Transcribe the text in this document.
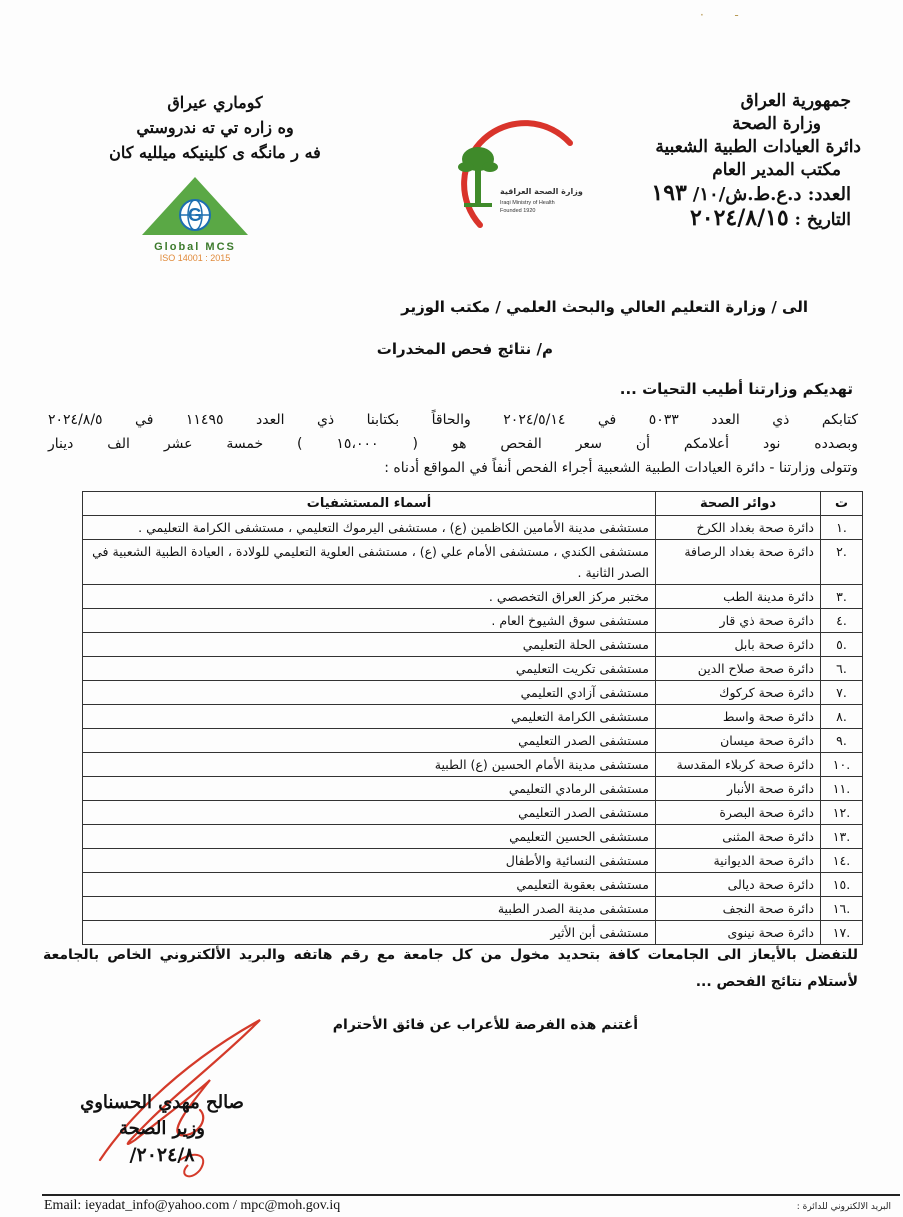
·        ‐
جمهورية العراق
وزارة الصحة
دائرة العيادات الطبية الشعبية
مكتب المدير العام
العدد: د.ع.ط.ش/١٠/ ١٩٣
التاريخ : ٢٠٢٤/٨/١٥
كوماري عيراق
وه زاره تي ته ندروستي
فه ر مانگه ى كلينيكه ميلليه كان
وزارة الصحة العراقية
Iraqi Ministry of Health
Founded 1920
G
Global MCS
ISO 14001 : 2015
الى / وزارة التعليم العالي والبحث العلمي / مكتب الوزير
م/ نتائج فحص المخدرات
تهديكم وزارتنا أطيب التحيات ...
كتابكم ذي العدد ٥٠٣٣ في ٢٠٢٤/٥/١٤ والحاقاً بكتابنا ذي العدد ١١٤٩٥ في ٢٠٢٤/٨/٥
وبصدده نود أعلامكم أن سعر الفحص هو ( ١٥،٠٠٠ ) خمسة عشر الف دينار
وتتولى وزارتنا - دائرة العيادات الطبية الشعبية أجراء الفحص أنفاً في المواقع أدناه :
ت	دوائر الصحة	أسماء المستشفيات
.١	دائرة صحة بغداد الكرخ	مستشفى مدينة الأمامين الكاظمين (ع) ، مستشفى اليرموك التعليمي ، مستشفى الكرامة التعليمي .
.٢	دائرة صحة بغداد الرصافة	مستشفى الكندي ، مستشفى الأمام علي (ع) ، مستشفى العلوية التعليمي للولادة ، العيادة الطبية الشعبية في الصدر الثانية .
.٣	دائرة مدينة الطب	مختبر مركز العراق التخصصي .
.٤	دائرة صحة ذي قار	مستشفى سوق الشيوخ العام .
.٥	دائرة صحة بابل	مستشفى الحلة التعليمي
.٦	دائرة صحة صلاح الدين	مستشفى تكريت التعليمي
.٧	دائرة صحة كركوك	مستشفى آزادي التعليمي
.٨	دائرة صحة واسط	مستشفى الكرامة التعليمي
.٩	دائرة صحة ميسان	مستشفى الصدر التعليمي
.١٠	دائرة صحة كربلاء المقدسة	مستشفى مدينة الأمام الحسين (ع) الطبية
.١١	دائرة صحة الأنبار	مستشفى الرمادي التعليمي
.١٢	دائرة صحة البصرة	مستشفى الصدر التعليمي
.١٣	دائرة صحة المثنى	مستشفى الحسين التعليمي
.١٤	دائرة صحة الديوانية	مستشفى النسائية والأطفال
.١٥	دائرة صحة ديالى	مستشفى بعقوبة التعليمي
.١٦	دائرة صحة النجف	مستشفى مدينة الصدر الطبية
.١٧	دائرة صحة نينوى	مستشفى أبن الأثير
للتفضل بالأيعاز الى الجامعات كافة بتحديد مخول من كل جامعة مع رقم هاتفه والبريد الألكتروني الخاص بالجامعة لأستلام نتائج الفحص ...
أغتنم هذه الفرصة للأعراب عن فائق الأحترام
صالح مهدي الحسناوي
وزير الصحة
٢٠٢٤/٨/
Email: ieyadat_info@yahoo.com / mpc@moh.gov.iq	البريد الالكتروني للدائرة :
